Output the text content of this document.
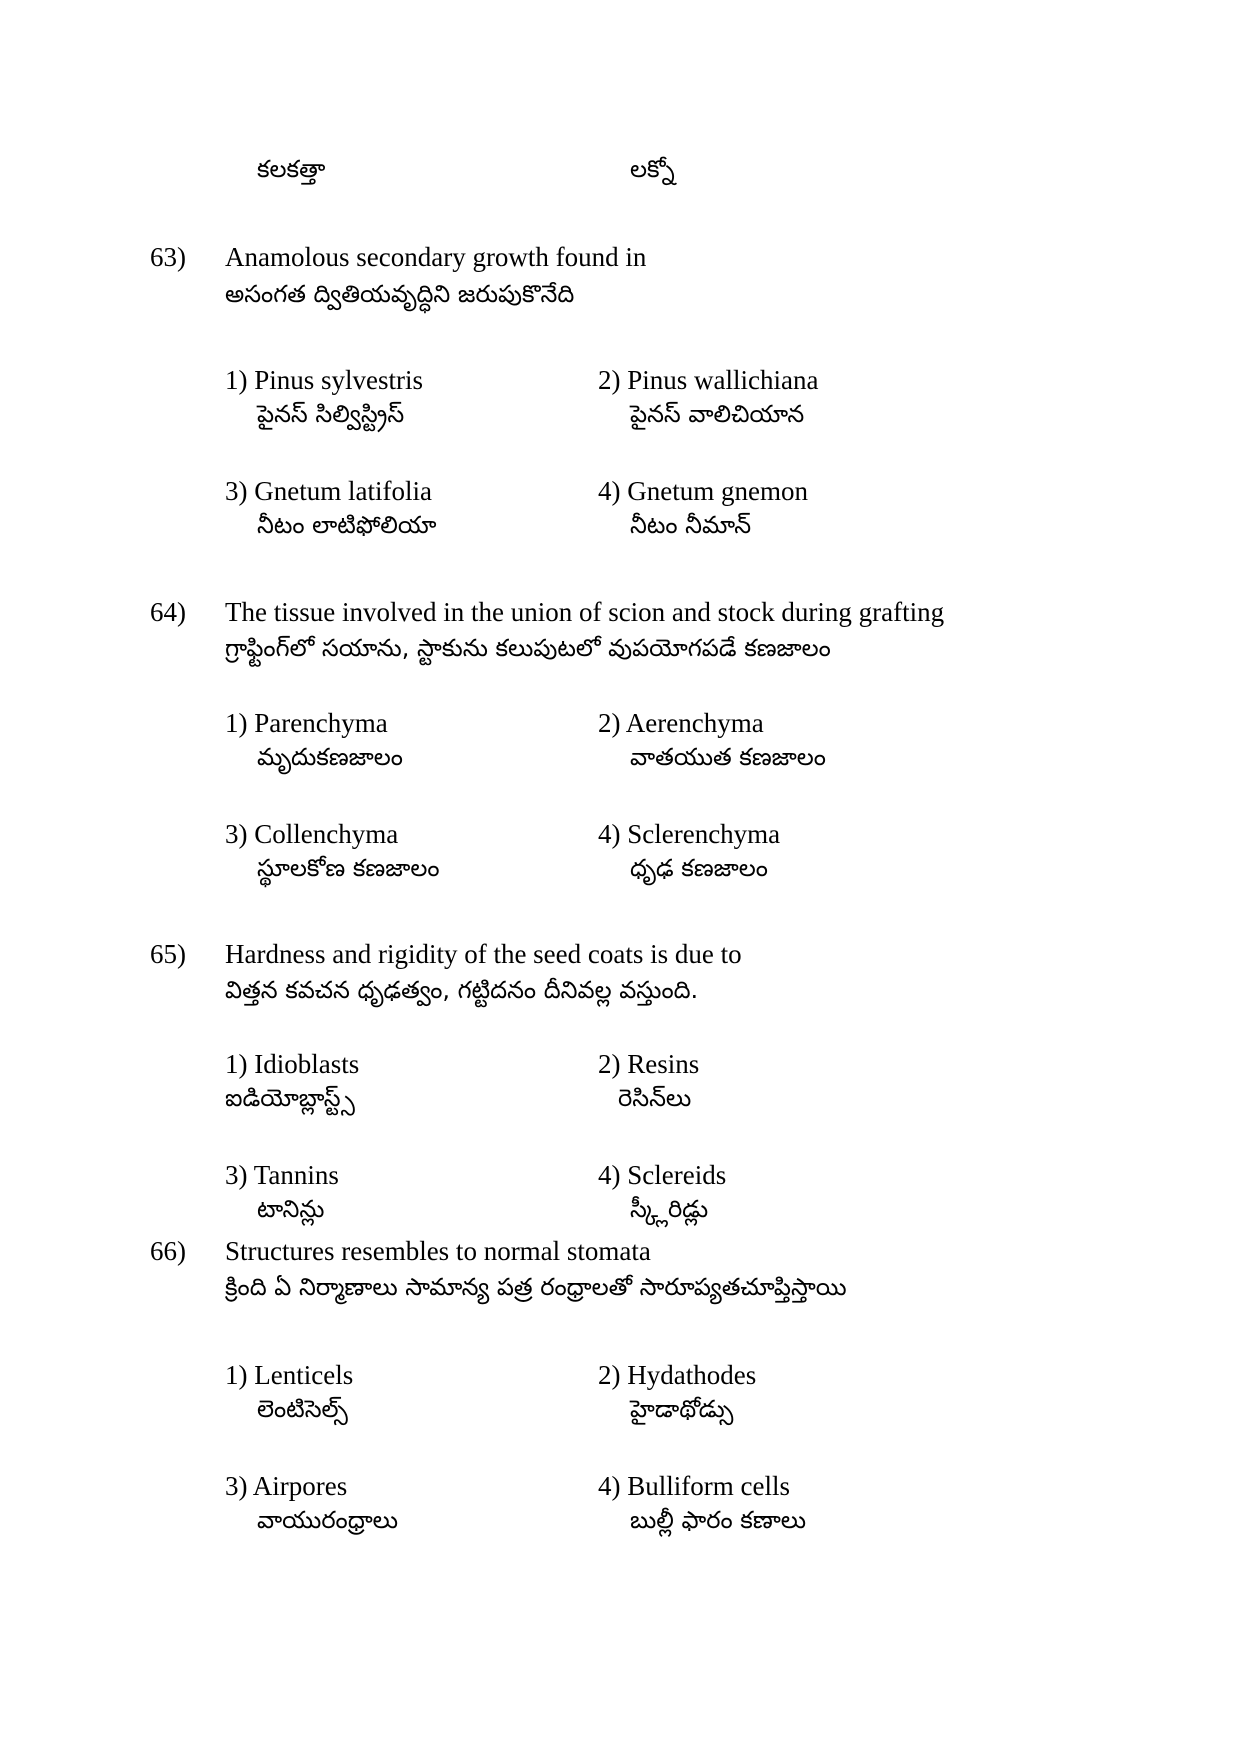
కలకత్తా	లక్నో
63) Anamolous secondary growth found in
అసంగత ద్వితియవృద్ధిని జరుపుకొనేది
1) Pinus sylvestris
పైనస్ సిల్విస్ట్రిస్
2) Pinus wallichiana
పైనస్ వాలిచియాన
3) Gnetum latifolia
నీటం లాటిఫోలియా
4) Gnetum gnemon
నీటం నీమాన్
64) The tissue involved in the union of scion and stock during grafting
గ్రాఫ్టింగ్‌లో సయాను, స్టాకును కలుపుటలో వుపయోగపడే కణజాలం
1) Parenchyma
మృదుకణజాలం
2) Aerenchyma
వాతయుత కణజాలం
3) Collenchyma
స్థూలకోణ కణజాలం
4) Sclerenchyma
ధృఢ కణజాలం
65) Hardness and rigidity of the seed coats is due to
విత్తన కవచన ధృఢత్వం, గట్టిదనం దీనివల్ల వస్తుంది.
1) Idioblasts
ఐడియోబ్లాస్ట్స్
2) Resins
రెసిన్‌లు
3) Tannins
టానిన్లు
4) Sclereids
స్క్లీరిడ్లు
66) Structures resembles to normal stomata
క్రింది ఏ నిర్మాణాలు సామాన్య పత్ర రంధ్రాలతో సారూప్యతచూప్తిస్తాయి
1) Lenticels
లెంటిసెల్స్
2) Hydathodes
హైడాథోడ్సు
3) Airpores
వాయురంధ్రాలు
4) Bulliform cells
బుల్లీ ఫారం కణాలు
